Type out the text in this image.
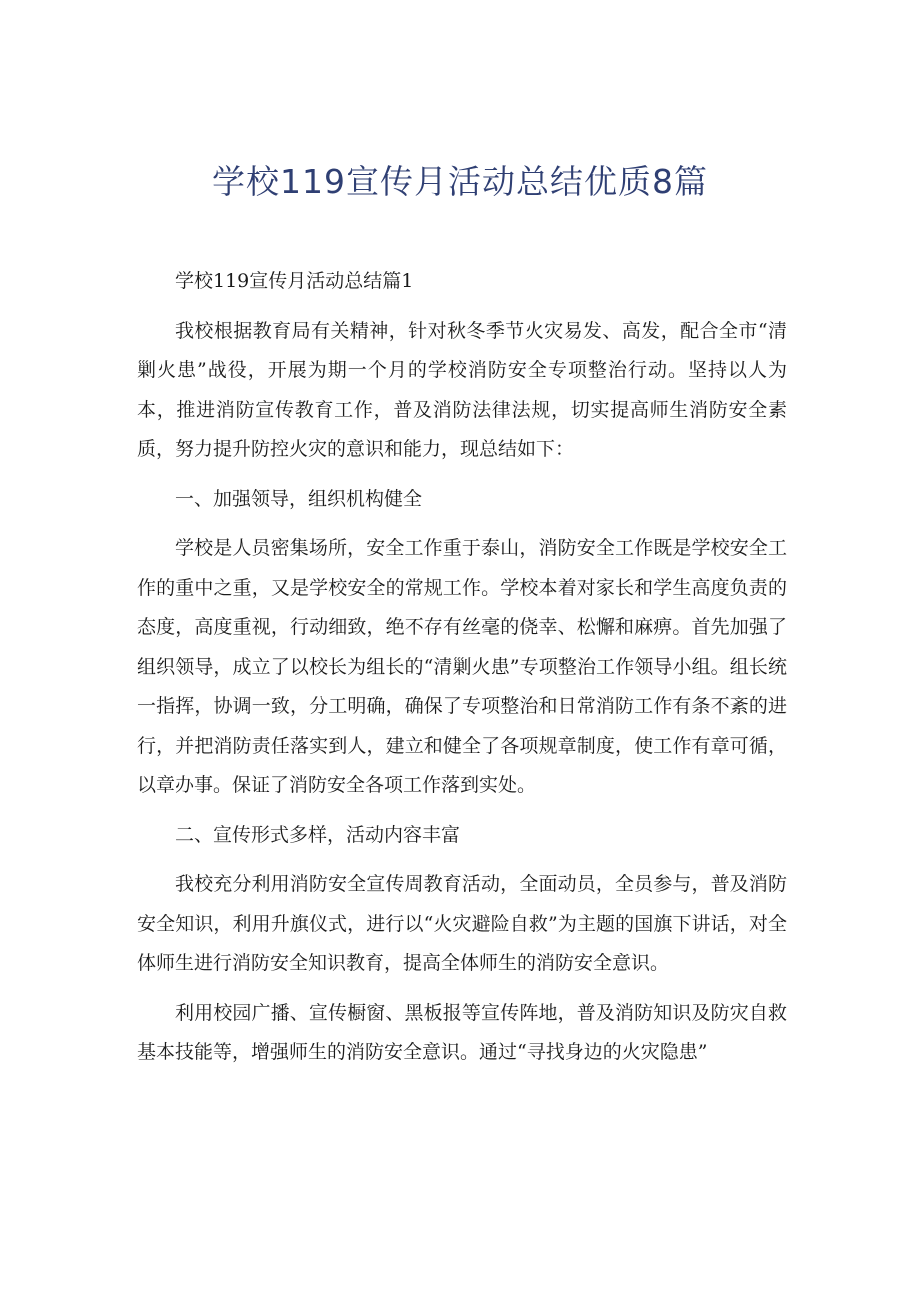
学校119宣传月活动总结优质8篇

学校119宣传月活动总结篇1

我校根据教育局有关精神，针对秋冬季节火灾易发、高发，配合全市“清剿火患”战役，开展为期一个月的学校消防安全专项整治行动。坚持以人为本，推进消防宣传教育工作，普及消防法律法规，切实提高师生消防安全素质，努力提升防控火灾的意识和能力，现总结如下：

一、加强领导，组织机构健全

学校是人员密集场所，安全工作重于泰山，消防安全工作既是学校安全工作的重中之重，又是学校安全的常规工作。学校本着对家长和学生高度负责的态度，高度重视，行动细致，绝不存有丝毫的侥幸、松懈和麻痹。首先加强了组织领导，成立了以校长为组长的“清剿火患”专项整治工作领导小组。组长统一指挥，协调一致，分工明确，确保了专项整治和日常消防工作有条不紊的进行，并把消防责任落实到人，建立和健全了各项规章制度，使工作有章可循，以章办事。保证了消防安全各项工作落到实处。

二、宣传形式多样，活动内容丰富

我校充分利用消防安全宣传周教育活动，全面动员，全员参与，普及消防安全知识，利用升旗仪式，进行以“火灾避险自救”为主题的国旗下讲话，对全体师生进行消防安全知识教育，提高全体师生的消防安全意识。

利用校园广播、宣传橱窗、黑板报等宣传阵地，普及消防知识及防灾自救基本技能等，增强师生的消防安全意识。通过“寻找身边的火灾隐患”
